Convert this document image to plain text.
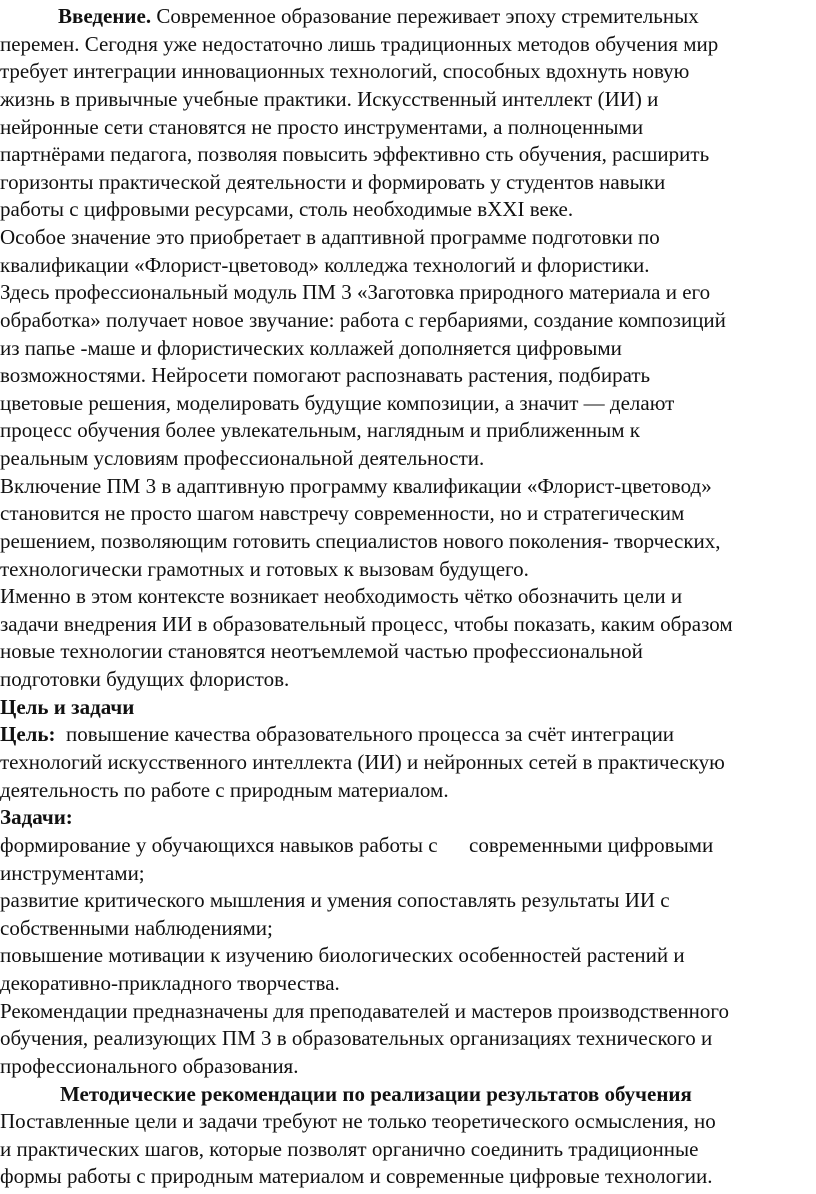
Введение. Современное образование переживает эпоху стремительных
перемен. Сегодня уже недостаточно лишь традиционных методов обучения мир
требует интеграции инновационных технологий, способных вдохнуть новую
жизнь в привычные учебные практики. Искусственный интеллект (ИИ) и
нейронные сети становятся не просто инструментами, а полноценными
партнёрами педагога, позволяя повысить эффективно сть обучения, расширить
горизонты практической деятельности и формировать у студентов навыки
работы с цифровыми ресурсами, столь необходимые вXXI веке.
Особое значение это приобретает в адаптивной программе подготовки по
квалификации «Флорист-цветовод» колледжа технологий и флористики.
Здесь профессиональный модуль ПМ 3 «Заготовка природного материала и его
обработка» получает новое звучание: работа с гербариями, создание композиций
из папье -маше и флористических коллажей дополняется цифровыми
возможностями. Нейросети помогают распознавать растения, подбирать
цветовые решения, моделировать будущие композиции, а значит — делают
процесс обучения более увлекательным, наглядным и приближенным к
реальным условиям профессиональной деятельности.
Включение ПМ 3 в адаптивную программу квалификации «Флорист-цветовод»
становится не просто шагом навстречу современности, но и стратегическим
решением, позволяющим готовить специалистов нового поколения- творческих,
технологически грамотных и готовых к вызовам будущего.
Именно в этом контексте возникает необходимость чётко обозначить цели и
задачи внедрения ИИ в образовательный процесс, чтобы показать, каким образом
новые технологии становятся неотъемлемой частью профессиональной
подготовки будущих флористов.
Цель и задачи
Цель:  повышение качества образовательного процесса за счёт интеграции
технологий искусственного интеллекта (ИИ) и нейронных сетей в практическую
деятельность по работе с природным материалом.
Задачи:
формирование у обучающихся навыков работы с      современными цифровыми
инструментами;
развитие критического мышления и умения сопоставлять результаты ИИ с
собственными наблюдениями;
повышение мотивации к изучению биологических особенностей растений и
декоративно-прикладного творчества.
Рекомендации предназначены для преподавателей и мастеров производственного
обучения, реализующих ПМ 3 в образовательных организациях технического и
профессионального образования.
Методические рекомендации по реализации результатов обучения
Поставленные цели и задачи требуют не только теоретического осмысления, но
и практических шагов, которые позволят органично соединить традиционные
формы работы с природным материалом и современные цифровые технологии.
